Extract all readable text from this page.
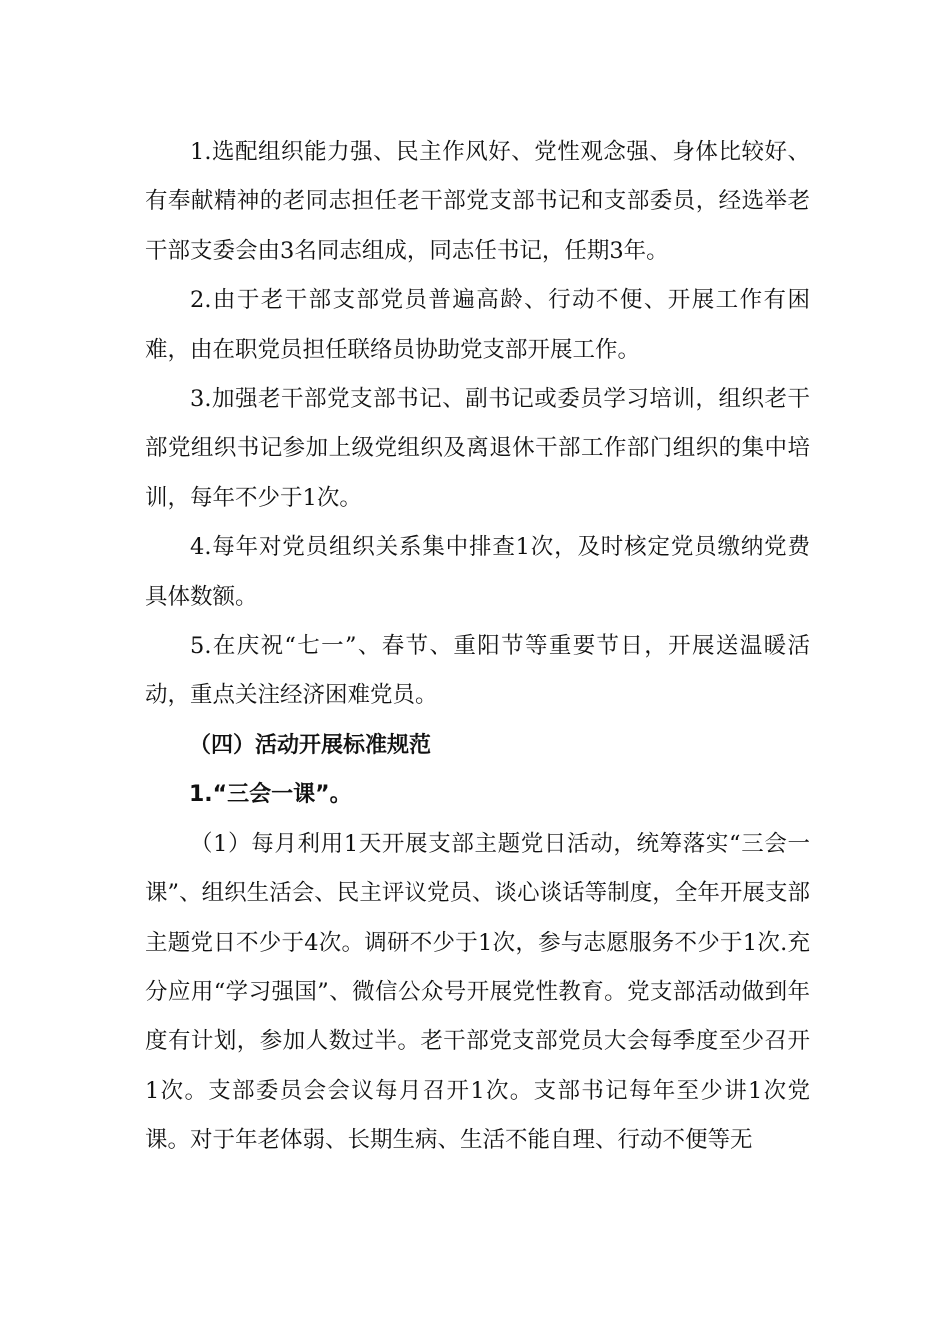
1.选配组织能力强、民主作风好、党性观念强、身体比较好、有奉献精神的老同志担任老干部党支部书记和支部委员，经选举老干部支委会由3名同志组成，同志任书记，任期3年。

2.由于老干部支部党员普遍高龄、行动不便、开展工作有困难，由在职党员担任联络员协助党支部开展工作。

3.加强老干部党支部书记、副书记或委员学习培训，组织老干部党组织书记参加上级党组织及离退休干部工作部门组织的集中培训，每年不少于1次。

4.每年对党员组织关系集中排查1次，及时核定党员缴纳党费具体数额。

5.在庆祝“七一”、春节、重阳节等重要节日，开展送温暖活动，重点关注经济困难党员。

（四）活动开展标准规范

1.“三会一课”。

（1）每月利用1天开展支部主题党日活动，统筹落实“三会一课”、组织生活会、民主评议党员、谈心谈话等制度，全年开展支部主题党日不少于4次。调研不少于1次，参与志愿服务不少于1次.充分应用“学习强国”、微信公众号开展党性教育。党支部活动做到年度有计划，参加人数过半。老干部党支部党员大会每季度至少召开1次。支部委员会会议每月召开1次。支部书记每年至少讲1次党课。对于年老体弱、长期生病、生活不能自理、行动不便等无
